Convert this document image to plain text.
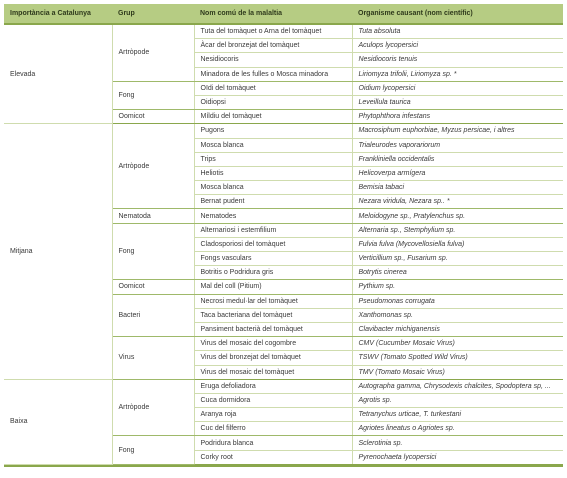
Importància a Catalunya	Grup	Nom comú de la malaltia	Organisme causant (nom científic)
Elevada	Artròpode	Tuta del tomàquet o Arna del tomàquet	Tuta absoluta
		Àcar del bronzejat del tomàquet	Aculops lycopersici
		Nesidiocoris	Nesidiocoris tenuis
		Minadora de les fulles o Mosca minadora	Liriomyza trifolii, Liriomyza sp. *
	Fong	Oïdi del tomàquet	Oidium lycopersici
		Oidiopsi	Leveillula taurica
	Oomicot	Míldiu del tomàquet	Phytophthora infestans
Mitjana	Artròpode	Pugons	Macrosiphum euphorbiae, Myzus persicae, i altres
		Mosca blanca	Trialeurodes vaporariorum
		Trips	Frankliniella occidentalis
		Heliotis	Helicoverpa armígera
		Mosca blanca	Bemisia tabaci
		Bernat pudent	Nezara viridula, Nezara sp.. *
	Nematoda	Nematodes	Meloidogyne sp., Pratylenchus sp.
	Fong	Alternariosi i estemfilium	Alternaria sp., Stemphylium sp.
		Cladosporiosi del tomàquet	Fulvia fulva (Mycovellosiella fulva)
		Fongs vasculars	Verticillium sp., Fusarium sp.
		Botritis o Podridura gris	Botrytis cinerea
	Oomicot	Mal del coll (Pitium)	Pythium sp.
	Bacteri	Necrosi medul·lar del tomàquet	Pseudomonas corrugata
		Taca bacteriana del tomàquet	Xanthomonas sp.
		Pansiment bacterià del tomàquet	Clavibacter michiganensis
	Virus	Virus del mosaic del cogombre	CMV (Cucumber Mosaic Virus)
		Virus del bronzejat del tomàquet	TSWV (Tomato Spotted Wild Virus)
		Virus del mosaic del tomàquet	TMV (Tomato Mosaic Virus)
Baixa	Artròpode	Eruga defoliadora	Autographa gamma, Chrysodexis chalcites, Spodoptera sp, ...
		Cuca dormidora	Agrotis sp.
		Aranya roja	Tetranychus urticae, T. turkestani
		Cuc del filferro	Agriotes lineatus o Agriotes sp.
	Fong	Podridura blanca	Sclerotinia sp.
		Corky root	Pyrenochaeta lycopersici
